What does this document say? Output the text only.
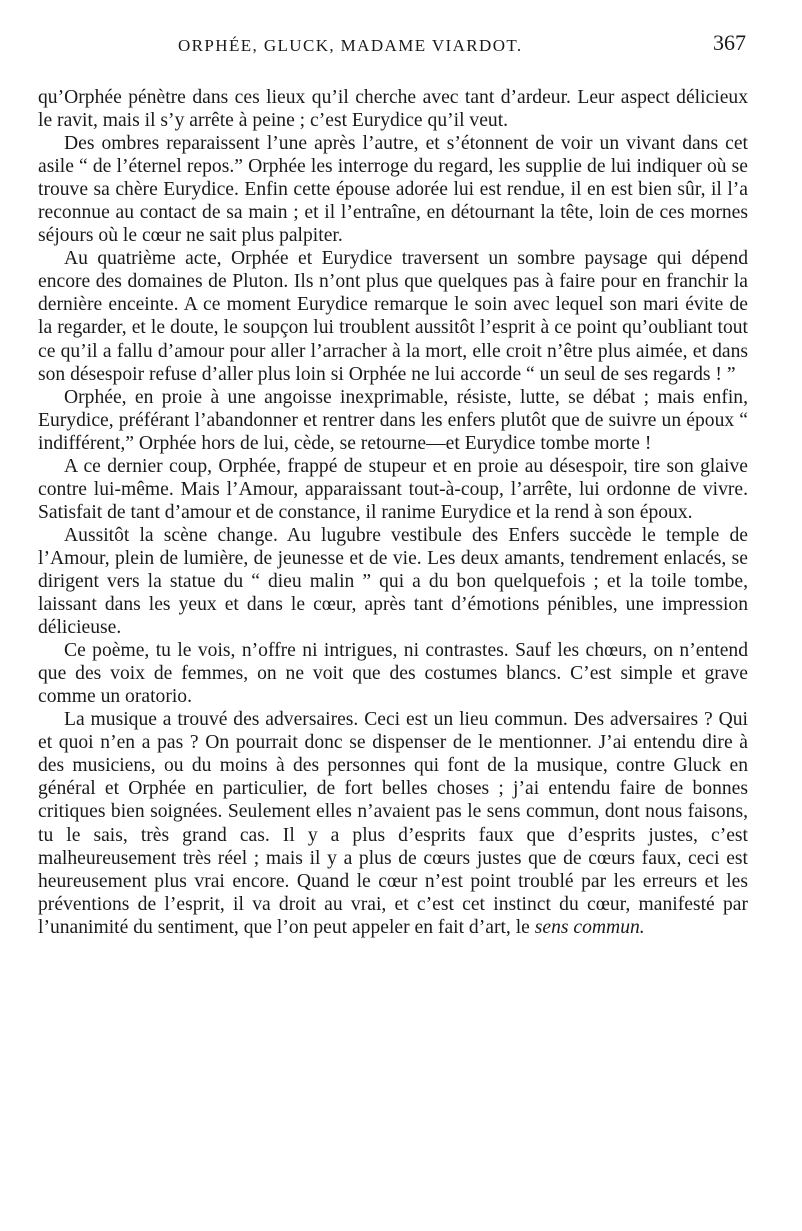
ORPHÉE, GLUCK, MADAME VIARDOT.	367

qu’Orphée pénètre dans ces lieux qu’il cherche avec tant d’ardeur. Leur aspect délicieux le ravit, mais il s’y arrête à peine ; c’est Eurydice qu’il veut.

Des ombres reparaissent l’une après l’autre, et s’étonnent de voir un vivant dans cet asile “ de l’éternel repos.” Orphée les interroge du regard, les supplie de lui indiquer où se trouve sa chère Eurydice. Enfin cette épouse adorée lui est rendue, il en est bien sûr, il l’a reconnue au contact de sa main ; et il l’entraîne, en détournant la tête, loin de ces mornes séjours où le cœur ne sait plus palpiter.

Au quatrième acte, Orphée et Eurydice traversent un sombre paysage qui dépend encore des domaines de Pluton. Ils n’ont plus que quelques pas à faire pour en franchir la dernière enceinte. A ce moment Eurydice remarque le soin avec lequel son mari évite de la regarder, et le doute, le soupçon lui troublent aussitôt l’esprit à ce point qu’oubliant tout ce qu’il a fallu d’amour pour aller l’arracher à la mort, elle croit n’être plus aimée, et dans son désespoir refuse d’aller plus loin si Orphée ne lui accorde “ un seul de ses regards ! ”

Orphée, en proie à une angoisse inexprimable, résiste, lutte, se débat ; mais enfin, Eurydice, préférant l’abandonner et rentrer dans les enfers plutôt que de suivre un époux “ indifférent,” Orphée hors de lui, cède, se retourne—et Eurydice tombe morte !

A ce dernier coup, Orphée, frappé de stupeur et en proie au désespoir, tire son glaive contre lui-même. Mais l’Amour, apparaissant tout-à-coup, l’arrête, lui ordonne de vivre. Satisfait de tant d’amour et de constance, il ranime Eurydice et la rend à son époux.

Aussitôt la scène change. Au lugubre vestibule des Enfers succède le temple de l’Amour, plein de lumière, de jeunesse et de vie. Les deux amants, tendrement enlacés, se dirigent vers la statue du “ dieu malin ” qui a du bon quelquefois ; et la toile tombe, laissant dans les yeux et dans le cœur, après tant d’émotions pénibles, une impression délicieuse.

Ce poème, tu le vois, n’offre ni intrigues, ni contrastes. Sauf les chœurs, on n’entend que des voix de femmes, on ne voit que des costumes blancs. C’est simple et grave comme un oratorio.

La musique a trouvé des adversaires. Ceci est un lieu commun. Des adversaires ? Qui et quoi n’en a pas ? On pourrait donc se dispenser de le mentionner. J’ai entendu dire à des musiciens, ou du moins à des personnes qui font de la musique, contre Gluck en général et Orphée en particulier, de fort belles choses ; j’ai entendu faire de bonnes critiques bien soignées. Seulement elles n’avaient pas le sens commun, dont nous faisons, tu le sais, très grand cas. Il y a plus d’esprits faux que d’esprits justes, c’est malheureusement très réel ; mais il y a plus de cœurs justes que de cœurs faux, ceci est heureusement plus vrai encore. Quand le cœur n’est point troublé par les erreurs et les préventions de l’esprit, il va droit au vrai, et c’est cet instinct du cœur, manifesté par l’unanimité du sentiment, que l’on peut appeler en fait d’art, le sens commun.
